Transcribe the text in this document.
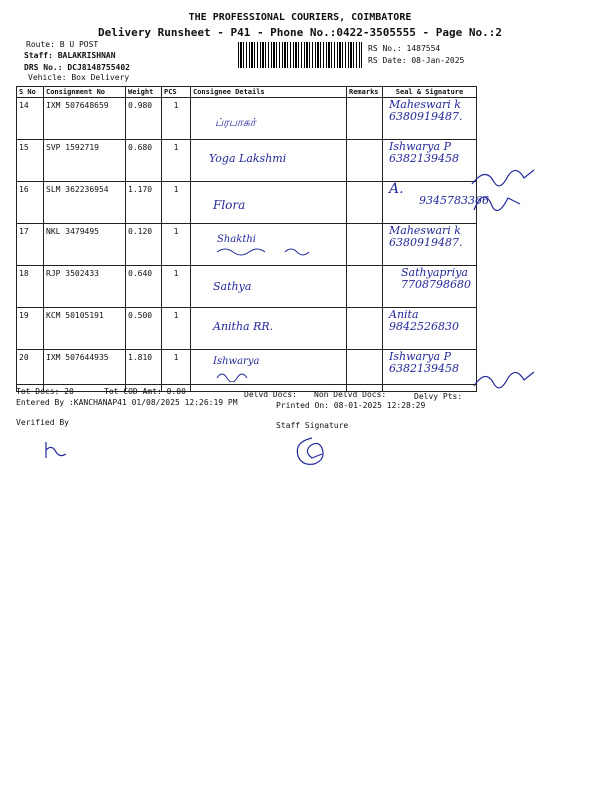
THE PROFESSIONAL COURIERS, COIMBATORE
Delivery Runsheet - P41 - Phone No.:0422-3505555 - Page No.:2
Route: B U POST
Staff: BALAKRISHNAN
DRS No.: DCJ8148755402
Vehicle: Box Delivery
RS No.: 1487554
RS Date: 08-Jan-2025
S No	Consignment No	Weight	PCS	Consignee Details	Remarks	Seal & Signature
14	IXM 507648659	0.980	1	ப்ரபாகர்		Maheswari k
6380919487.

15	SVP 1592719	0.680	1	Yoga Lakshmi		Ishwarya P
6382139458

16	SLM 362236954	1.170	1	Flora		A.
9345783366

17	NKL 3479495	0.120	1	Shakthi		Maheswari k
6380919487.

18	RJP 3502433	0.640	1	Sathya		Sathyapriya
7708798680

19	KCM 50105191	0.500	1	Anitha RR.		Anita
9842526830

20	IXM 507644935	1.810	1	Ishwarya		Ishwarya P
6382139458
Tot Docs: 20	Tot COD Amt: 0.00	Delvd Docs: Non Delvd Docs:	Delvy Pts:
Entered By :KANCHANAP41 01/08/2025 12:26:19 PM	Printed On: 08-01-2025 12:28:29
Verified By	Staff Signature
